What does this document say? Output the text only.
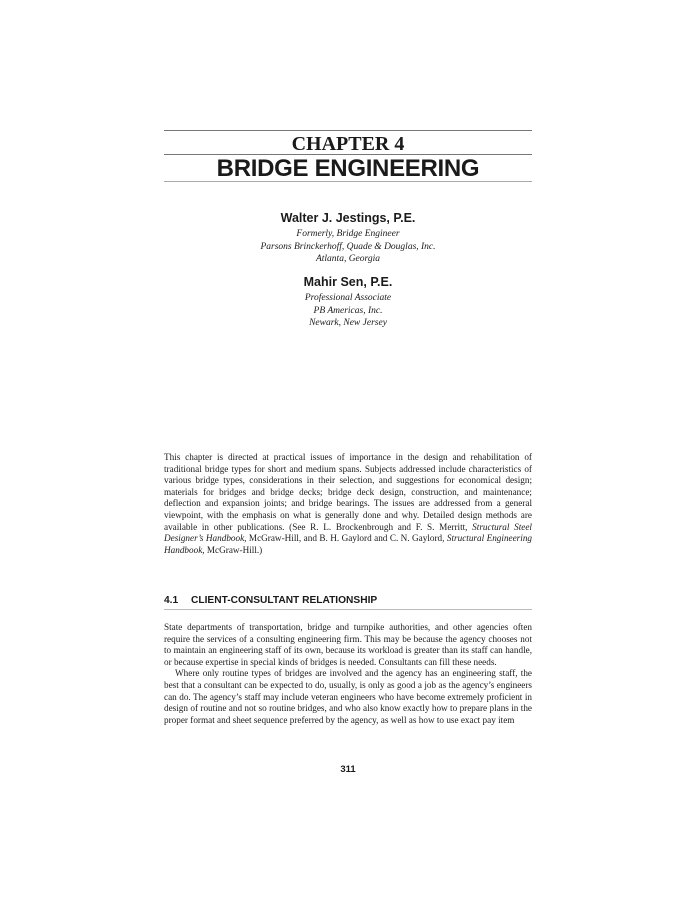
CHAPTER 4
BRIDGE ENGINEERING
Walter J. Jestings, P.E.
Formerly, Bridge Engineer
Parsons Brinckerhoff, Quade & Douglas, Inc.
Atlanta, Georgia
Mahir Sen, P.E.
Professional Associate
PB Americas, Inc.
Newark, New Jersey

This chapter is directed at practical issues of importance in the design and rehabilitation of traditional bridge types for short and medium spans. Subjects addressed include characteristics of various bridge types, considerations in their selection, and suggestions for economical design; materials for bridges and bridge decks; bridge deck design, construction, and maintenance; deflection and expansion joints; and bridge bearings. The issues are addressed from a general viewpoint, with the emphasis on what is generally done and why. Detailed design methods are available in other publications. (See R. L. Brockenbrough and F. S. Merritt, Structural Steel Designer’s Handbook, McGraw-Hill, and B. H. Gaylord and C. N. Gaylord, Structural Engineering Handbook, McGraw-Hill.)

4.1 CLIENT-CONSULTANT RELATIONSHIP

State departments of transportation, bridge and turnpike authorities, and other agencies often require the services of a consulting engineering firm. This may be because the agency chooses not to maintain an engineering staff of its own, because its workload is greater than its staff can handle, or because expertise in special kinds of bridges is needed. Consultants can fill these needs.

Where only routine types of bridges are involved and the agency has an engineering staff, the best that a consultant can be expected to do, usually, is only as good a job as the agency’s engineers can do. The agency’s staff may include veteran engineers who have become extremely proficient in design of routine and not so routine bridges, and who also know exactly how to prepare plans in the proper format and sheet sequence preferred by the agency, as well as how to use exact pay item

311
